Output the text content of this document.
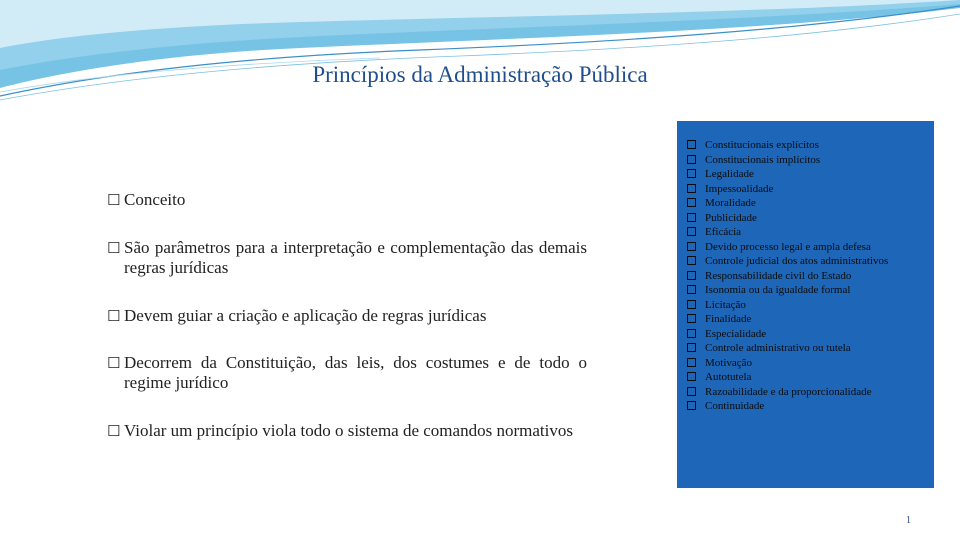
Princípios da Administração Pública
☐ Conceito
☐ São parâmetros para a interpretação e complementação das demais regras jurídicas
☐ Devem guiar a criação e aplicação de regras jurídicas
☐ Decorrem da Constituição, das leis, dos costumes e de todo o regime jurídico
☐ Violar um princípio viola todo o sistema de comandos normativos
Constitucionais explícitos
Constitucionais implícitos
Legalidade
Impessoalidade
Moralidade
Publicidade
Eficácia
Devido processo legal e ampla defesa
Controle judicial dos atos administrativos
Responsabilidade civil do Estado
Isonomia ou da igualdade formal
Licitação
Finalidade
Especialidade
Controle administrativo ou tutela
Motivação
Autotutela
Razoabilidade e da proporcionalidade
Continuidade
1
